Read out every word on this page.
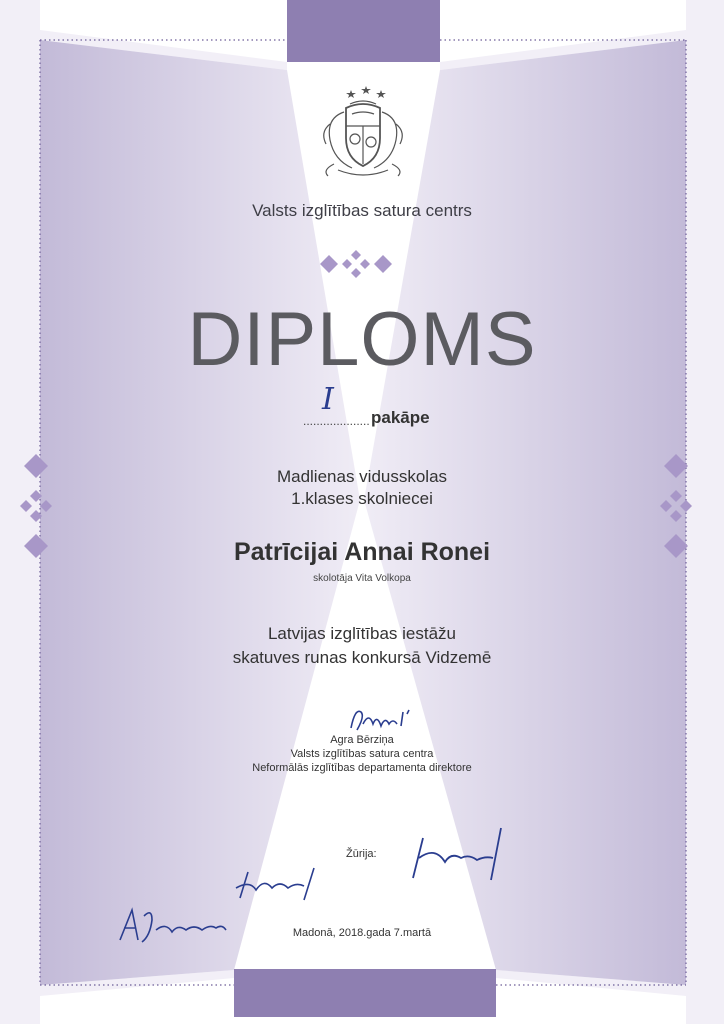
Valsts izglītības satura centrs
DIPLOMS
I
.................... pakāpe
Madlienas vidusskolas
1.klases skolniecei
Patrīcijai Annai Ronei
skolotāja Vita Volkopa
Latvijas izglītības iestāžu
skatuves runas konkursā Vidzemē
Agra Bērziņa
Valsts izglītības satura centra
Neformālās izglītības departamenta direktore
Žūrija:
Madonā, 2018.gada 7.martā
